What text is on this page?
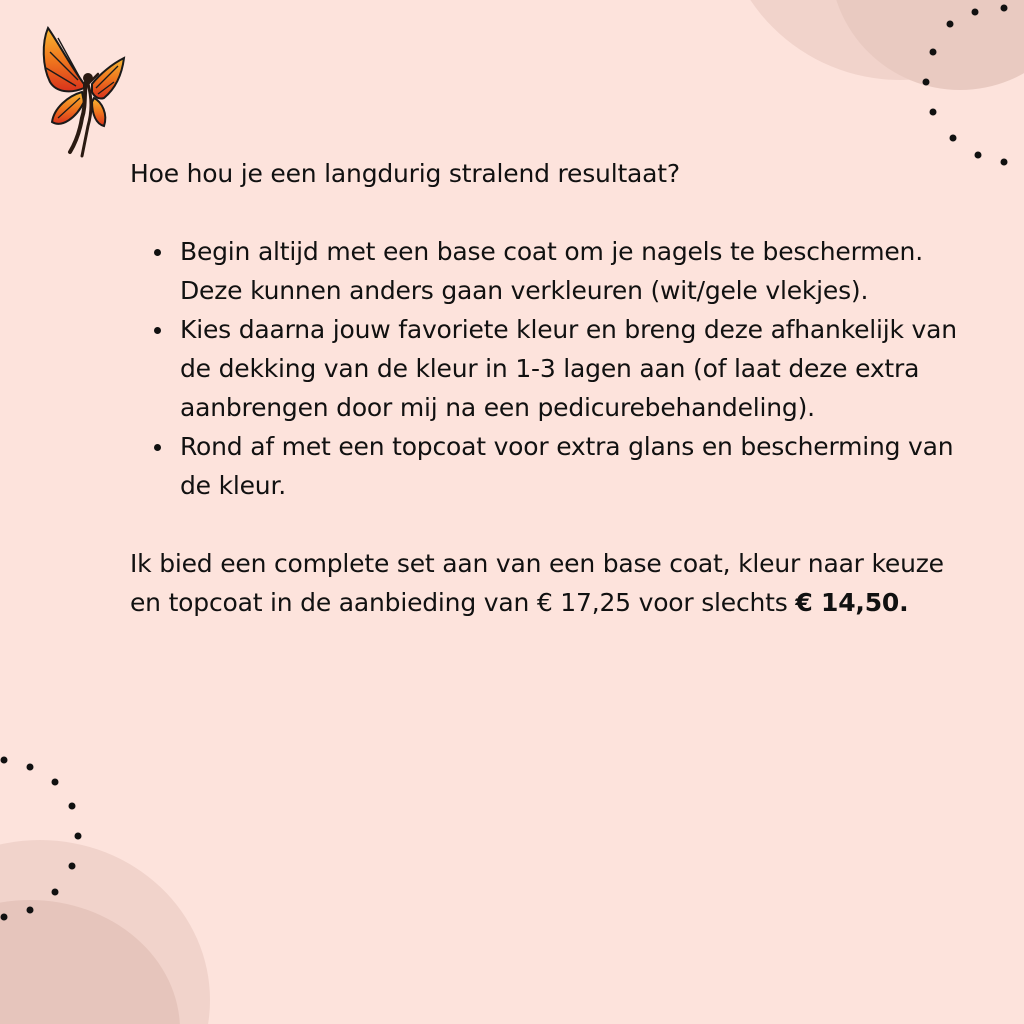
Hoe hou je een langdurig stralend resultaat?

Begin altijd met een base coat om je nagels te beschermen. Deze kunnen anders gaan verkleuren (wit/gele vlekjes).
Kies daarna jouw favoriete kleur en breng deze afhankelijk van de dekking van de kleur in 1-3 lagen aan (of laat deze extra aanbrengen door mij na een pedicurebehandeling).
Rond af met een topcoat voor extra glans en bescherming van de kleur.

Ik bied een complete set aan van een base coat, kleur naar keuze en topcoat in de aanbieding van € 17,25 voor slechts € 14,50.
